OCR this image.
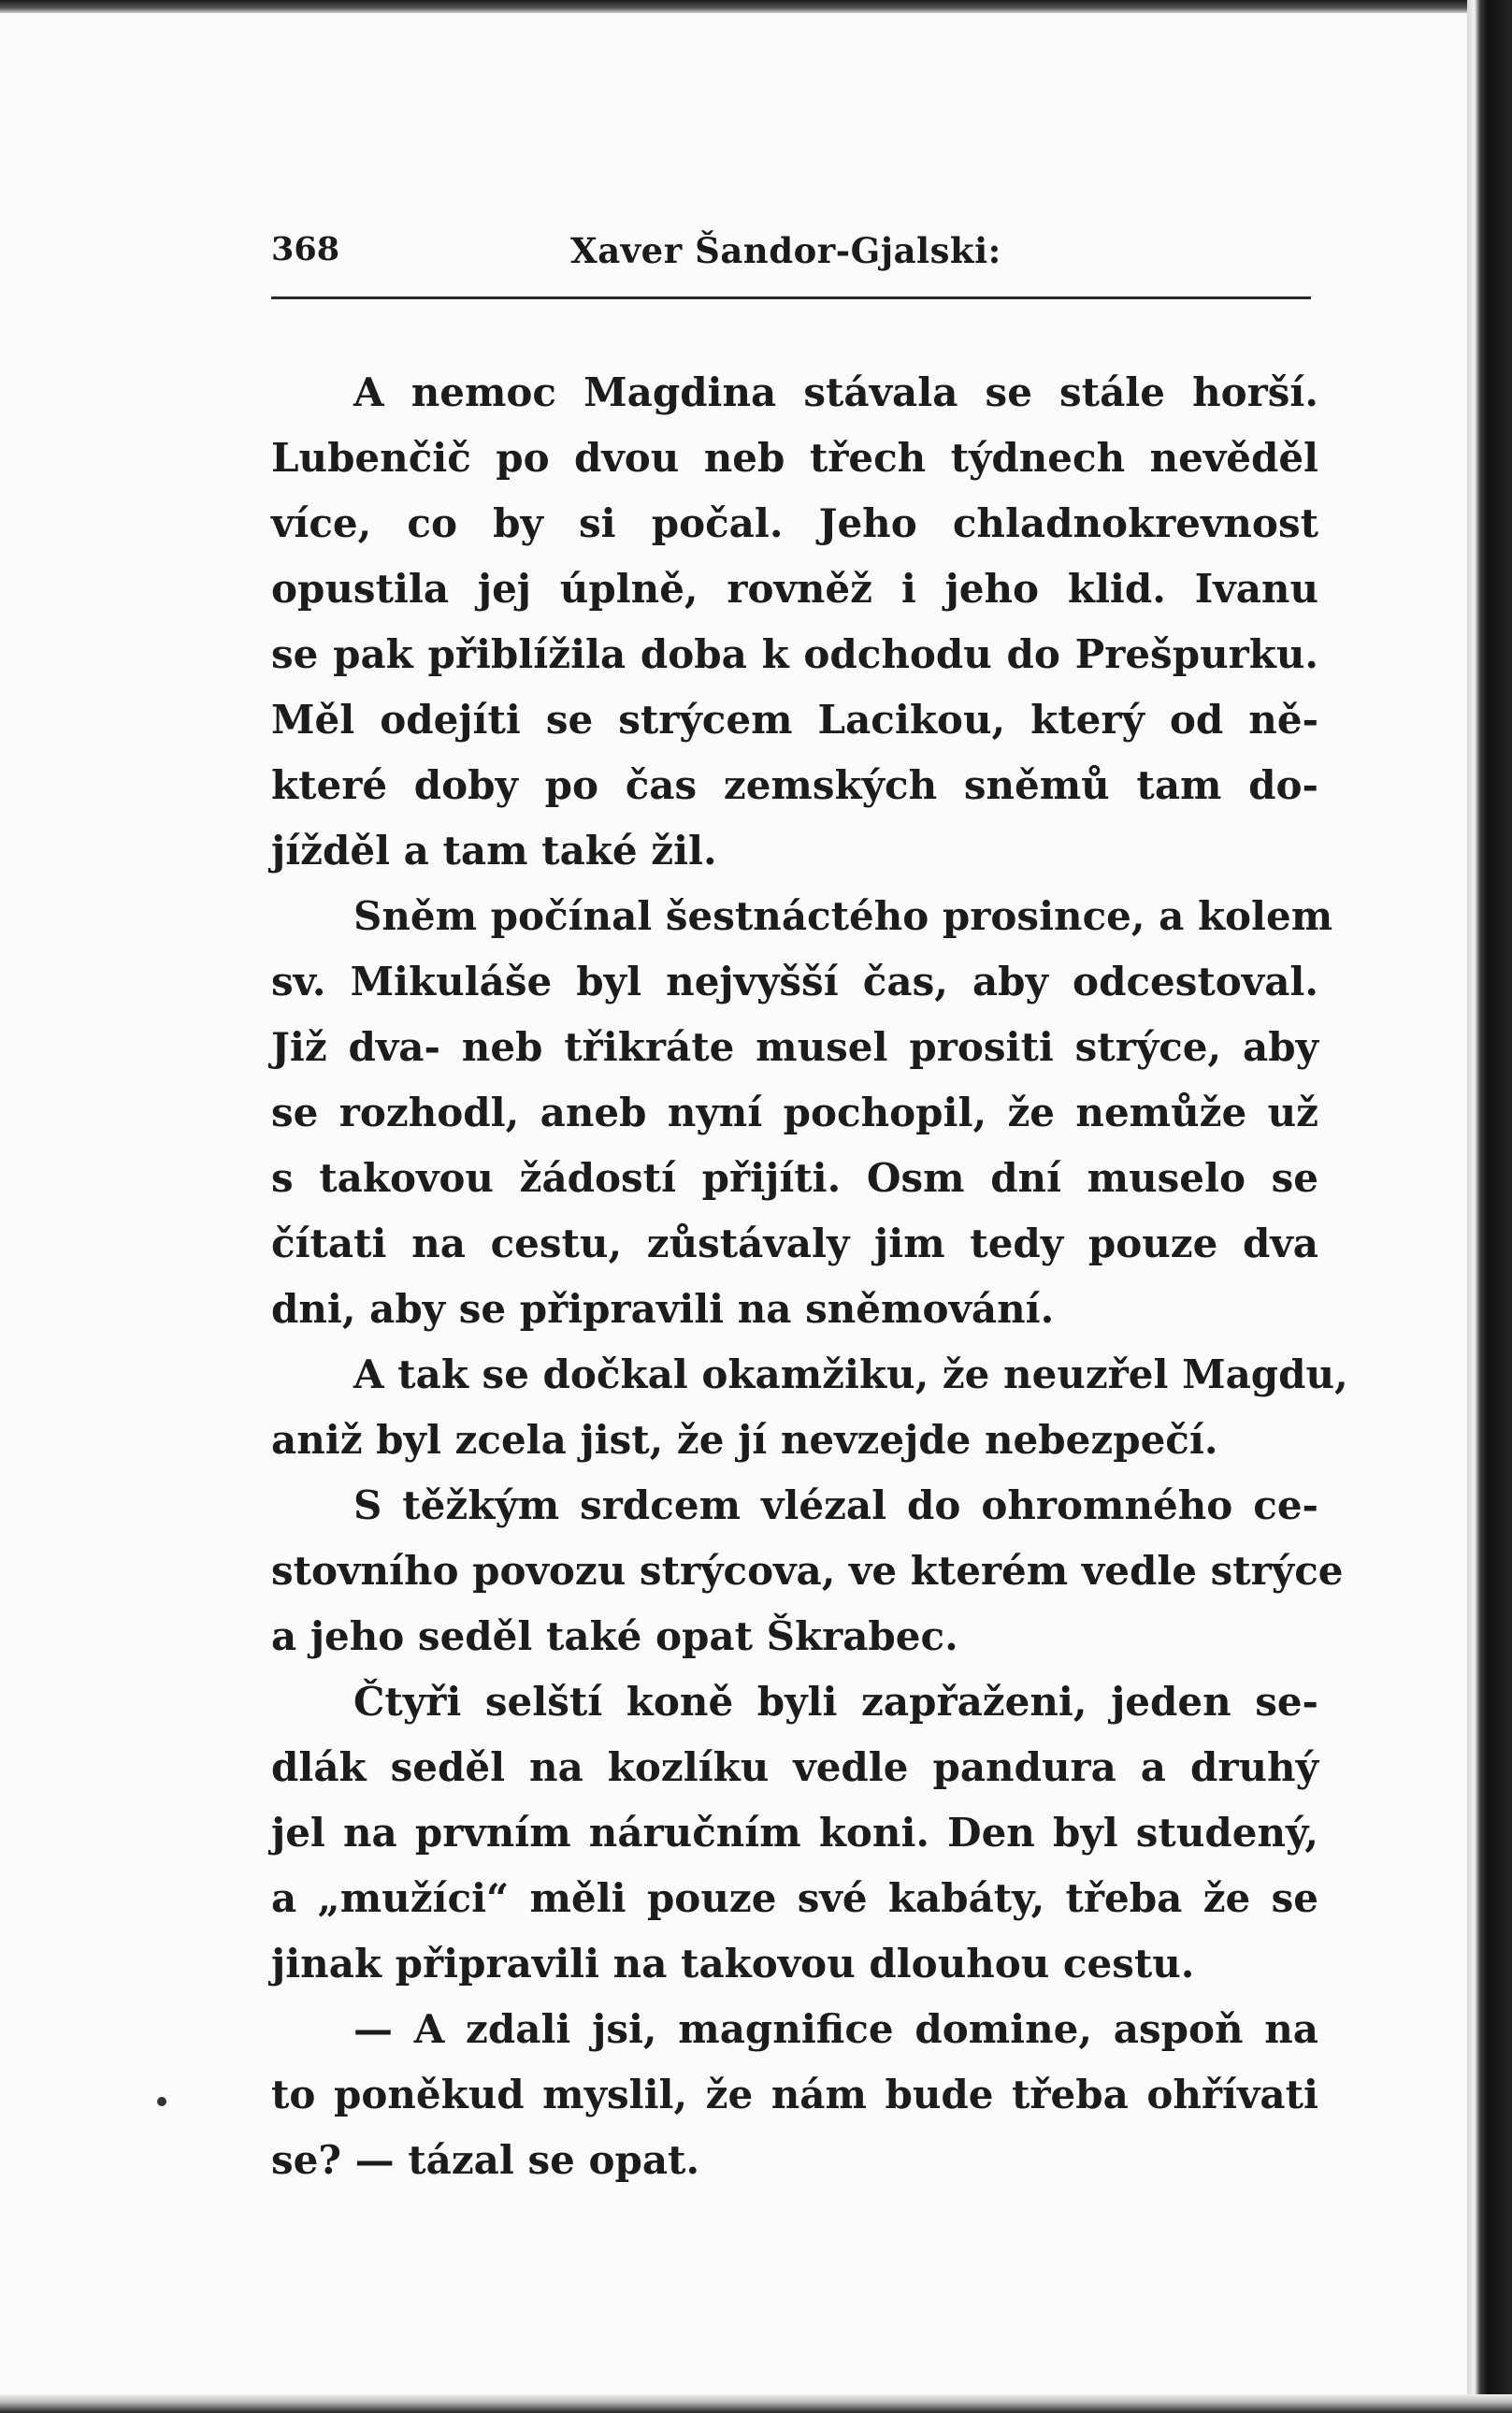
368	Xaver Šandor-Gjalski:
A nemoc Magdina stávala se stále horší.
Lubenčič po dvou neb třech týdnech nevěděl
více, co by si počal. Jeho chladnokrevnost
opustila jej úplně, rovněž i jeho klid. Ivanu
se pak přiblížila doba k odchodu do Prešpurku.
Měl odejíti se strýcem Lacikou, který od ně-
které doby po čas zemských sněmů tam do-
jížděl a tam také žil.
Sněm počínal šestnáctého prosince, a kolem
sv. Mikuláše byl nejvyšší čas, aby odcestoval.
Již dva- neb třikráte musel prositi strýce, aby
se rozhodl, aneb nyní pochopil, že nemůže už
s takovou žádostí přijíti. Osm dní muselo se
čítati na cestu, zůstávaly jim tedy pouze dva
dni, aby se připravili na sněmování.
A tak se dočkal okamžiku, že neuzřel Magdu,
aniž byl zcela jist, že jí nevzejde nebezpečí.
S těžkým srdcem vlézal do ohromného ce-
stovního povozu strýcova, ve kterém vedle strýce
a jeho seděl také opat Škrabec.
Čtyři selští koně byli zapřaženi, jeden se-
dlák seděl na kozlíku vedle pandura a druhý
jel na prvním náručním koni. Den byl studený,
a „mužíci“ měli pouze své kabáty, třeba že se
jinak připravili na takovou dlouhou cestu.
— A zdali jsi, magnifice domine, aspoň na
to poněkud myslil, že nám bude třeba ohřívati
se? — tázal se opat.
